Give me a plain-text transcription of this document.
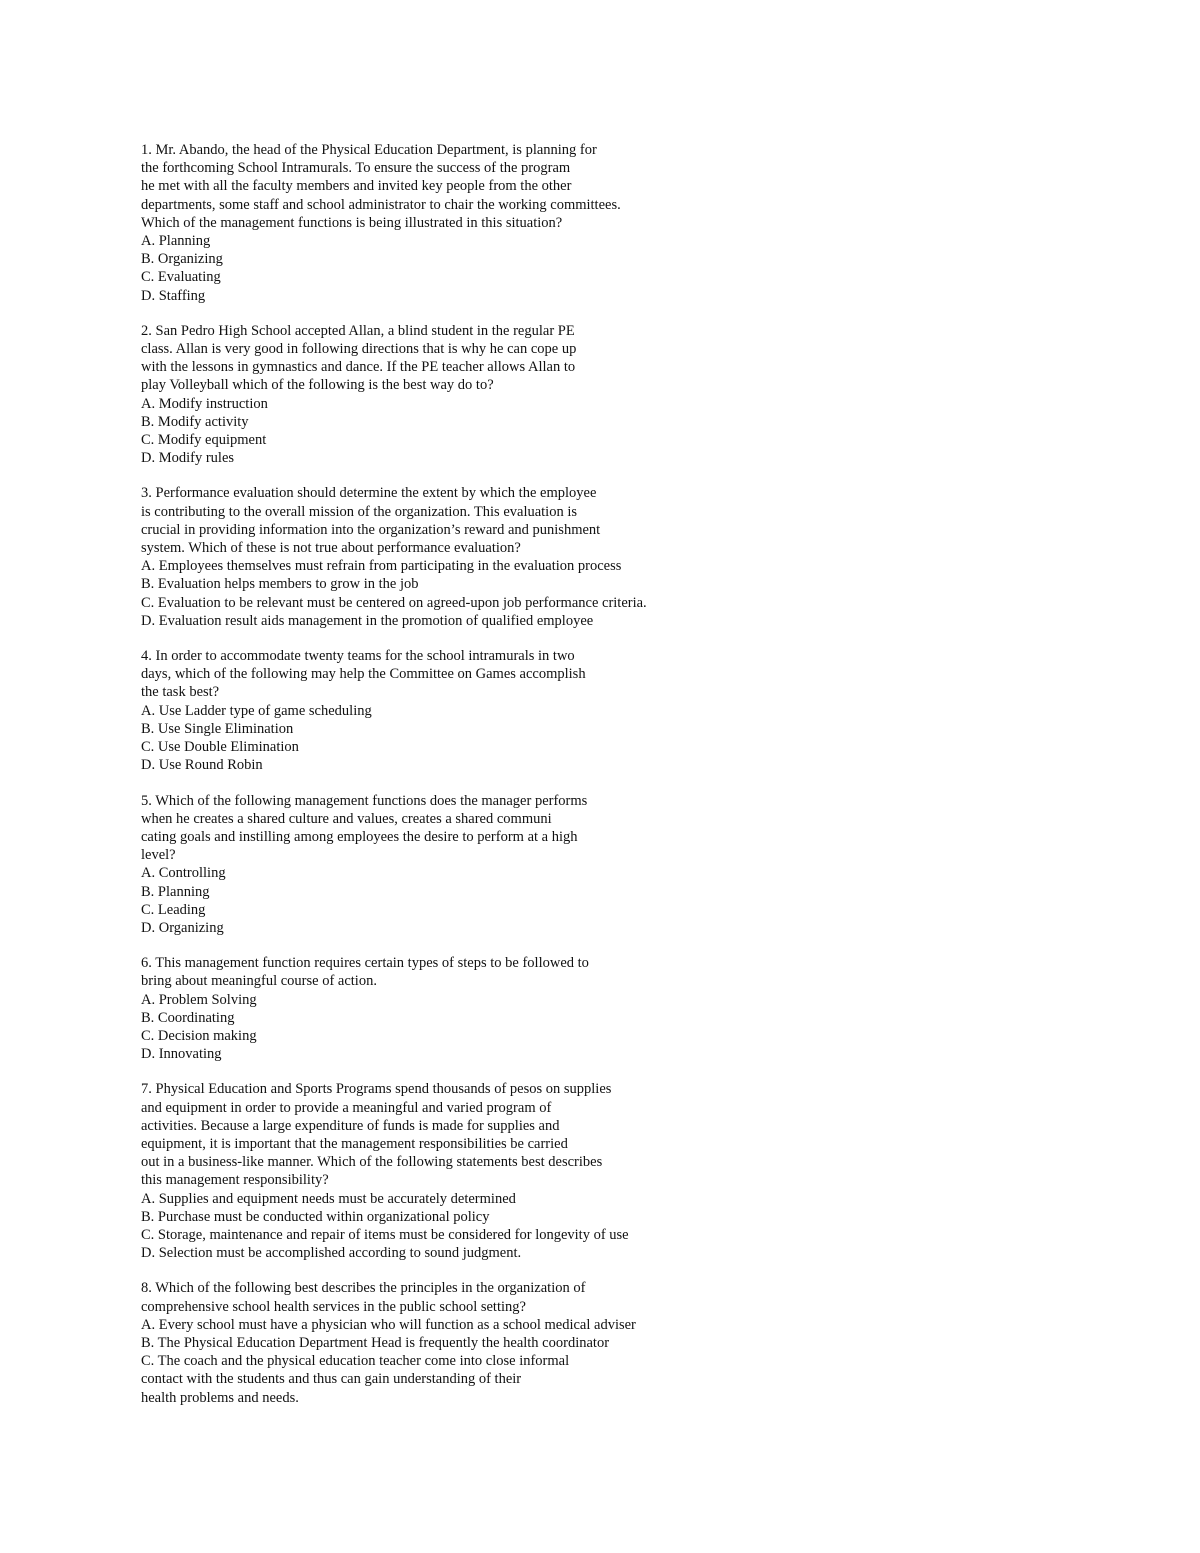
1. Mr. Abando, the head of the Physical Education Department, is planning for
the forthcoming School Intramurals. To ensure the success of the program
he met with all the faculty members and invited key people from the other
departments, some staff and school administrator to chair the working committees.
Which of the management functions is being illustrated in this situation?
A. Planning
B. Organizing
C. Evaluating
D. Staffing
2. San Pedro High School accepted Allan, a blind student in the regular PE
class. Allan is very good in following directions that is why he can cope up
with the lessons in gymnastics and dance. If the PE teacher allows Allan to
play Volleyball which of the following is the best way do to?
A. Modify instruction
B. Modify activity
C. Modify equipment
D. Modify rules
3. Performance evaluation should determine the extent by which the employee
is contributing to the overall mission of the organization. This evaluation is
crucial in providing information into the organization’s reward and punishment
system. Which of these is not true about performance evaluation?
A. Employees themselves must refrain from participating in the evaluation process
B. Evaluation helps members to grow in the job
C. Evaluation to be relevant must be centered on agreed-upon job performance criteria.
D. Evaluation result aids management in the promotion of qualified employee
4. In order to accommodate twenty teams for the school intramurals in two
days, which of the following may help the Committee on Games accomplish
the task best?
A. Use Ladder type of game scheduling
B. Use Single Elimination
C. Use Double Elimination
D. Use Round Robin
5. Which of the following management functions does the manager performs
when he creates a shared culture and values, creates a shared communi
cating goals and instilling among employees the desire to perform at a high
level?
A. Controlling
B. Planning
C. Leading
D. Organizing
6. This management function requires certain types of steps to be followed to
bring about meaningful course of action.
A. Problem Solving
B. Coordinating
C. Decision making
D. Innovating
7. Physical Education and Sports Programs spend thousands of pesos on supplies
and equipment in order to provide a meaningful and varied program of
activities. Because a large expenditure of funds is made for supplies and
equipment, it is important that the management responsibilities be carried
out in a business-like manner. Which of the following statements best describes
this management responsibility?
A. Supplies and equipment needs must be accurately determined
B. Purchase must be conducted within organizational policy
C. Storage, maintenance and repair of items must be considered for longevity of use
D. Selection must be accomplished according to sound judgment.
8. Which of the following best describes the principles in the organization of
comprehensive school health services in the public school setting?
A. Every school must have a physician who will function as a school medical adviser
B. The Physical Education Department Head is frequently the health coordinator
C. The coach and the physical education teacher come into close informal
contact with the students and thus can gain understanding of their
health problems and needs.
